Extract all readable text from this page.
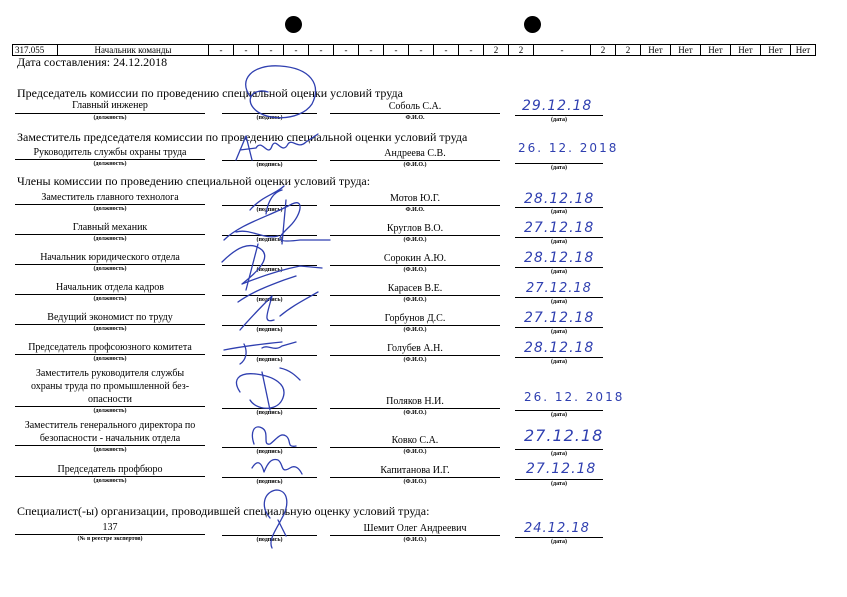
317.055	Начальник команды	-	-	-	-	-	-	-	-	-	-	-	2	2	-	2	2	Нет	Нет	Нет	Нет	Нет	Нет
Дата составления: 24.12.2018
Председатель комиссии по проведению специальной оценки условий труда
Главный инженер
(должность)	(подпись)
Соболь С.А.
Ф.И.О.
29.12.18
(дата)
Заместитель председателя комиссии по проведению специальной оценки условий труда
Руководитель службы охраны труда
(должность)	(подпись)
Андреева С.В.
(Ф.И.О.)
26. 12. 2018
(дата)
Члены комиссии по проведению специальной оценки условий труда:
Заместитель главного технолога
(должность)	(подпись)
Мотов Ю.Г.
Ф.И.О.
28.12.18
(дата)
Главный механик
(должность)	(подпись)
Круглов В.О.
(Ф.И.О.)
27.12.18
(дата)
Начальник юридического отдела
(должность)	(подпись)
Сорокин А.Ю.
(Ф.И.О.)
28.12.18
(дата)
Начальник отдела кадров
(должность)	(подпись)
Карасев В.Е.
(Ф.И.О.)
27.12.18
(дата)
Ведущий экономист по труду
(должность)	(подпись)
Горбунов Д.С.
(Ф.И.О.)
27.12.18
(дата)
Председатель профсоюзного комитета
(должность)	(подпись)
Голубев А.Н.
(Ф.И.О.)
28.12.18
(дата)
Заместитель руководителя службы
охраны труда по промышленной без-
опасности
(должность)	(подпись)
Поляков Н.И.
(Ф.И.О.)
26. 12. 2018
(дата)
Заместитель генерального директора по
безопасности - начальник отдела
(должность)	(подпись)
Ковко С.А.
(Ф.И.О.)
27.12.18
(дата)
Председатель профбюро
(должность)	(подпись)
Капитанова И.Г.
(Ф.И.О.)
27.12.18
(дата)
Специалист(-ы) организации, проводившей специальную оценку условий труда:
137
(№ в реестре экспертов)	(подпись)
Шемит Олег Андреевич
(Ф.И.О.)
24.12.18
(дата)
